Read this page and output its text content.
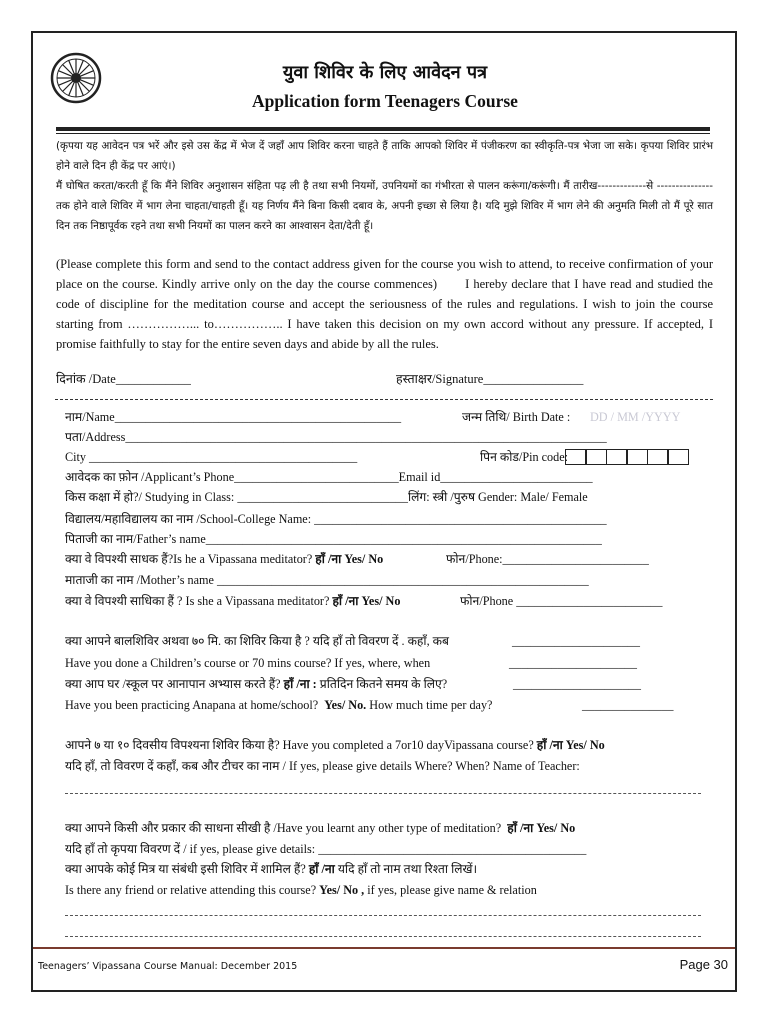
युवा शिविर के लिए आवेदन पत्र
Application form Teenagers Course
(कृपया यह आवेदन पत्र भरें और इसे उस केंद्र में भेज दें जहाँ आप शिविर करना चाहते हैं ताकि आपको शिविर में पंजीकरण का स्वीकृति-पत्र भेजा जा सके। कृपया शिविर प्रारंभ होने वाले दिन ही केंद्र पर आएं।)
मैं घोषित करता/करती हूँ कि मैंने शिविर अनुशासन संहिता पढ़ ली है तथा सभी नियमों, उपनियमों का गंभीरता से पालन करूंगा/करूंगी। मैं तारीख-------------से ---------------तक होने वाले शिविर में भाग लेना चाहता/चाहती हूँ। यह निर्णय मैंने बिना किसी दबाव के, अपनी इच्छा से लिया है। यदि मुझे शिविर में भाग लेने की अनुमति मिली तो मैं पूरे सात दिन तक निष्ठापूर्वक रहने तथा सभी नियमों का पालन करने का आश्वासन देता/देती हूँ।
(Please complete this form and send to the contact address given for the course you wish to attend, to receive confirmation of your place on the course. Kindly arrive only on the day the course commences) I hereby declare that I have read and studied the code of discipline for the meditation course and accept the seriousness of the rules and regulations. I wish to join the course starting from ……………... to…………….. I have taken this decision on my own accord without any pressure. If accepted, I promise faithfully to stay for the entire seven days and abide by all the rules.
दिनांक /Date____________	हस्ताक्षर/Signature________________
नाम/Name_______________________________________________	जन्म तिथि/ Birth Date : DD / MM /YYYY
पता/Address_______________________________________________________________________________
City ____________________________________________	पिन कोड/Pin code:
आवेदक का फ़ोन /Applicant’s Phone___________________________Email id_________________________
किस कक्षा में हो?/ Studying in Class: ____________________________लिंग: स्त्री /पुरुष Gender: Male/ Female
विद्यालय/महाविद्यालय का नाम /School-College Name: ________________________________________________
पिताजी का नाम/Father’s name_________________________________________________________________
क्या वे विपश्यी साधक हैं?Is he a Vipassana meditator? हाँ /ना Yes/ No	फोन/Phone:________________________
माताजी का नाम /Mother’s name _____________________________________________________________
क्या वे विपश्यी साधिका हैं ? Is she a Vipassana meditator? हाँ /ना Yes/ No	फोन/Phone ________________________
क्या आपने बालशिविर अथवा ७० मि. का शिविर किया है ? यदि हाँ तो विवरण दें . कहाँ, कब	_____________________
Have you done a Children’s course or 70 mins course? If yes, where, when	_____________________
क्या आप घर /स्कूल पर आनापान अभ्यास करते हैं? हाँ /ना : प्रतिदिन कितने समय के लिए?	_____________________
Have you been practicing Anapana at home/school? Yes/ No. How much time per day?	_______________
आपने ७ या १० दिवसीय विपश्यना शिविर किया है? Have you completed a 7or10 dayVipassana course? हाँ /ना Yes/ No
यदि हाँ, तो विवरण दें कहाँ, कब और टीचर का नाम / If yes, please give details Where? When? Name of Teacher:
क्या आपने किसी और प्रकार की साधना सीखी है /Have you learnt any other type of meditation? हाँ /ना Yes/ No
यदि हाँ तो कृपया विवरण दें / if yes, please give details: ____________________________________________
क्या आपके कोई मित्र या संबंधी इसी शिविर में शामिल हैं? हाँ /ना यदि हाँ तो नाम तथा रिश्ता लिखें।
Is there any friend or relative attending this course? Yes/ No , if yes, please give name & relation
Teenagers’ Vipassana Course Manual: December 2015	Page 30
